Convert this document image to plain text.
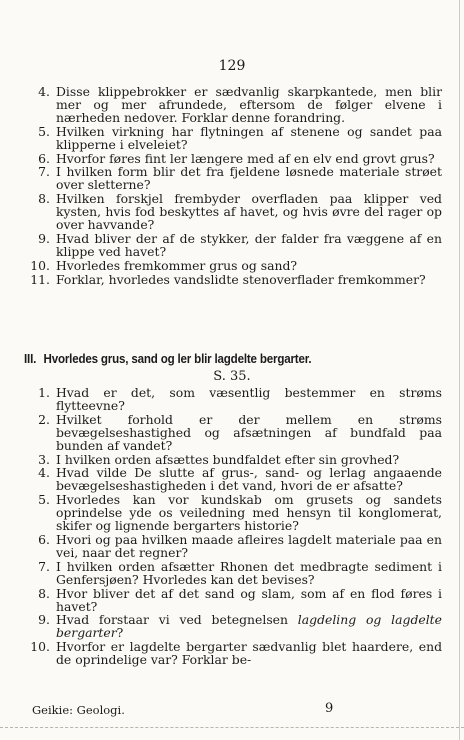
129
4. Disse klippebrokker er sædvanlig skarpkantede, men blir mer og mer afrundede, eftersom de følger elvene i nærheden nedover. Forklar denne forandring.
5. Hvilken virkning har flytningen af stenene og sandet paa klipperne i elveleiet?
6. Hvorfor føres fint ler længere med af en elv end grovt grus?
7. I hvilken form blir det fra fjeldene løsnede materiale strøet over sletterne?
8. Hvilken forskjel frembyder overfladen paa klipper ved kysten, hvis fod beskyttes af havet, og hvis øvre del rager op over havvande?
9. Hvad bliver der af de stykker, der falder fra væggene af en klippe ved havet?
10. Hvorledes fremkommer grus og sand?
11. Forklar, hvorledes vandslidte stenoverflader fremkommer?
III. Hvorledes grus, sand og ler blir lagdelte bergarter.
S. 35.
1. Hvad er det, som væsentlig bestemmer en strøms flytteevne?
2. Hvilket forhold er der mellem en strøms bevægelseshastighed og afsætningen af bundfald paa bunden af vandet?
3. I hvilken orden afsættes bundfaldet efter sin grovhed?
4. Hvad vilde De slutte af grus-, sand- og lerlag angaaende bevægelseshastigheden i det vand, hvori de er afsatte?
5. Hvorledes kan vor kundskab om grusets og sandets oprindelse yde os veiledning med hensyn til konglomerat, skifer og lignende bergarters historie?
6. Hvori og paa hvilken maade afleires lagdelt materiale paa en vei, naar det regner?
7. I hvilken orden afsætter Rhonen det medbragte sediment i Genfersjøen? Hvorledes kan det bevises?
8. Hvor bliver det af det sand og slam, som af en flod føres i havet?
9. Hvad forstaar vi ved betegnelsen lagdeling og lagdelte bergarter?
10. Hvorfor er lagdelte bergarter sædvanlig blet haardere, end de oprindelige var? Forklar be-
Geikie: Geologi.	9
